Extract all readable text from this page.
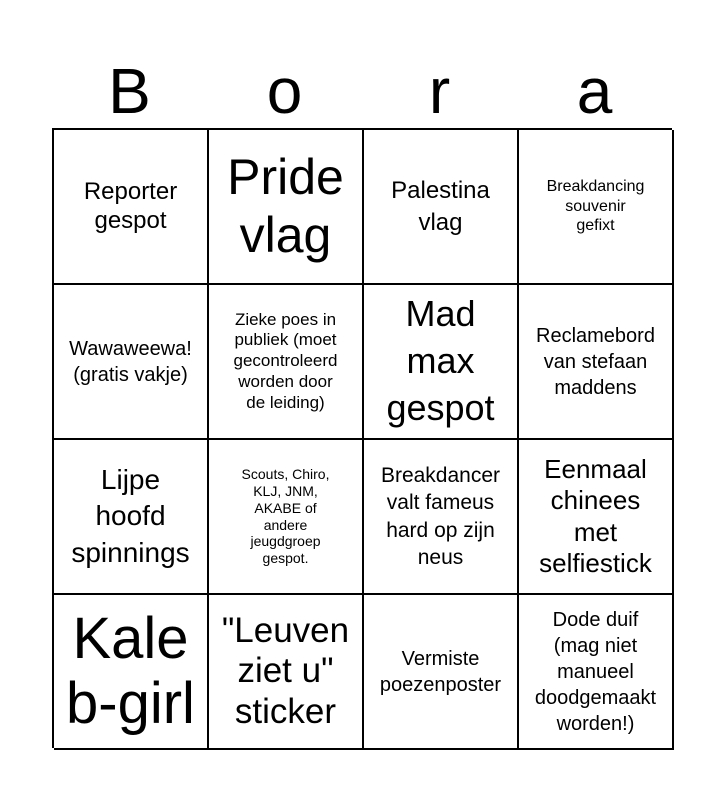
B	o	r	a
Reporter
gespot
Pride
vlag
Palestina
vlag
Breakdancing
souvenir
gefixt
Wawaweewa!
(gratis vakje)
Zieke poes in
publiek (moet
gecontroleerd
worden door
de leiding)
Mad
max
gespot
Reclamebord
van stefaan
maddens
Lijpe
hoofd
spinnings
Scouts, Chiro,
KLJ, JNM,
AKABE of
andere
jeugdgroep
gespot.
Breakdancer
valt fameus
hard op zijn
neus
Eenmaal
chinees
met
selfiestick
Kale
b-girl
"Leuven
ziet u"
sticker
Vermiste
poezenposter
Dode duif
(mag niet
manueel
doodgemaakt
worden!)
